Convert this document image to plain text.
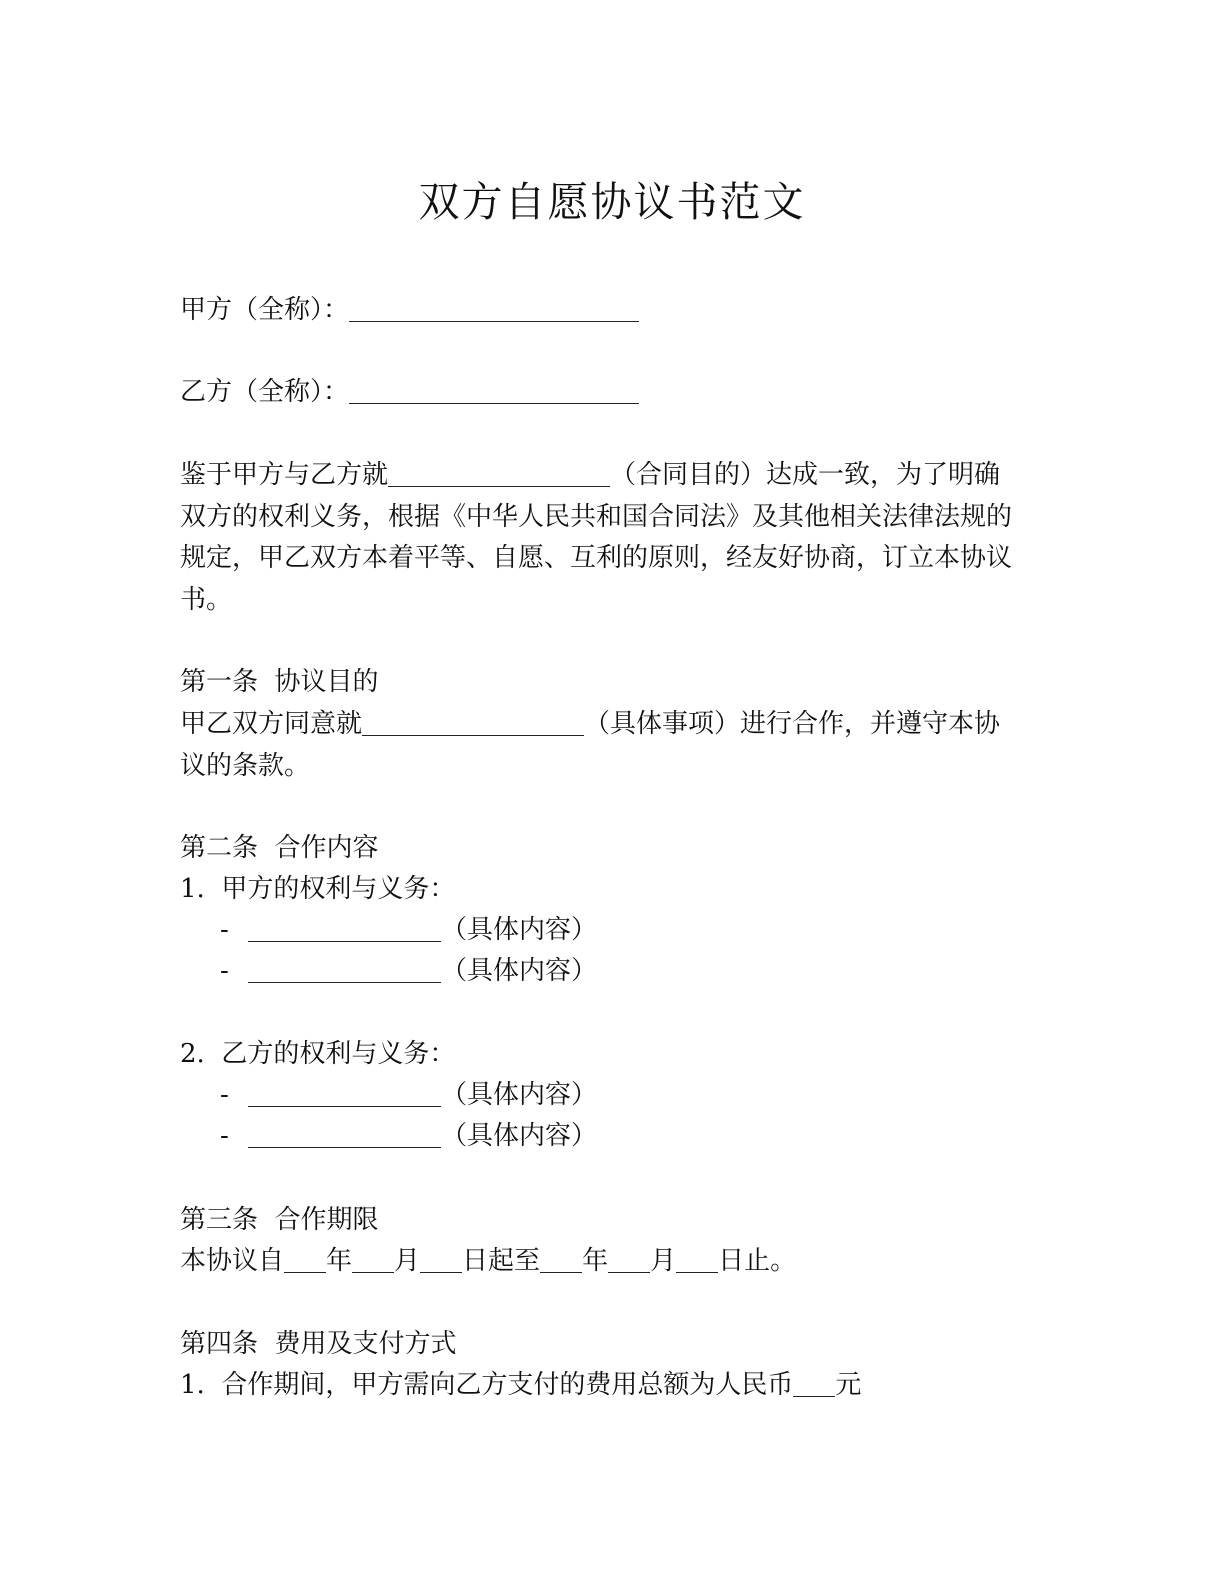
双方自愿协议书范文
甲方（全称）：
乙方（全称）：
鉴于甲方与乙方就	（合同目的）达成一致，为了明确双方的权利义务，根据《中华人民共和国合同法》及其他相关法律法规的规定，甲乙双方本着平等、自愿、互利的原则，经友好协商，订立本协议书。
第一条  协议目的
甲乙双方同意就	（具体事项）进行合作，并遵守本协议的条款。
第二条  合作内容
1.  甲方的权利与义务：
-	（具体内容）
-	（具体内容）
2.  乙方的权利与义务：
-	（具体内容）
-	（具体内容）
第三条  合作期限
本协议自 年 月 日起至 年 月 日止。
第四条  费用及支付方式
1.  合作期间，甲方需向乙方支付的费用总额为人民币 元
